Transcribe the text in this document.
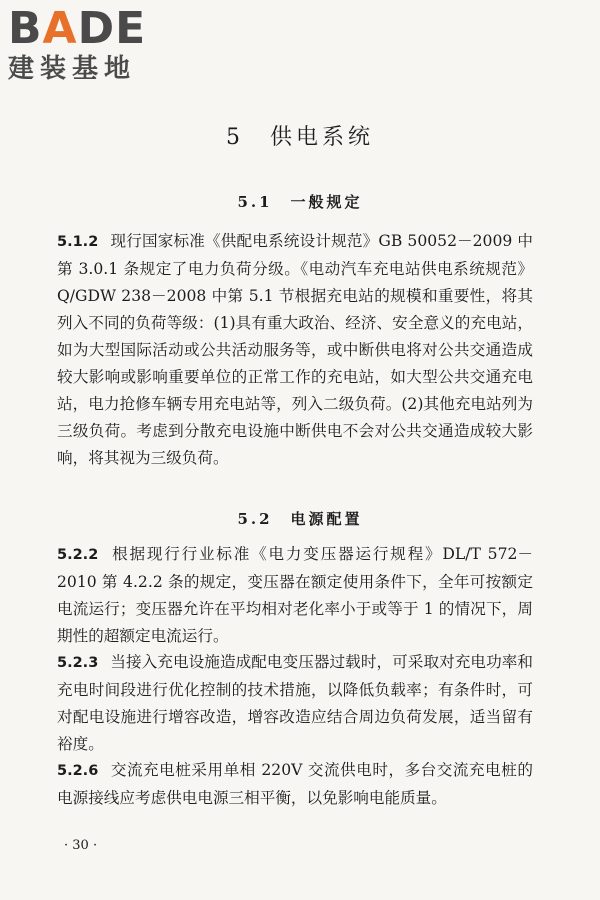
BADE
建装基地
5　供电系统
5.1　一般规定

5.1.2 现行国家标准《供配电系统设计规范》GB 50052－2009 中第 3.0.1 条规定了电力负荷分级。《电动汽车充电站供电系统规范》Q/GDW 238－2008 中第 5.1 节根据充电站的规模和重要性，将其列入不同的负荷等级：(1)具有重大政治、经济、安全意义的充电站，如为大型国际活动或公共活动服务等，或中断供电将对公共交通造成较大影响或影响重要单位的正常工作的充电站，如大型公共交通充电站，电力抢修车辆专用充电站等，列入二级负荷。(2)其他充电站列为三级负荷。考虑到分散充电设施中断供电不会对公共交通造成较大影响，将其视为三级负荷。

5.2　电源配置

5.2.2 根据现行行业标准《电力变压器运行规程》DL/T 572－2010 第 4.2.2 条的规定，变压器在额定使用条件下，全年可按额定电流运行；变压器允许在平均相对老化率小于或等于 1 的情况下，周期性的超额定电流运行。

5.2.3 当接入充电设施造成配电变压器过载时，可采取对充电功率和充电时间段进行优化控制的技术措施，以降低负载率；有条件时，可对配电设施进行增容改造，增容改造应结合周边负荷发展，适当留有裕度。

5.2.6 交流充电桩采用单相 220V 交流供电时，多台交流充电桩的电源接线应考虑供电电源三相平衡，以免影响电能质量。

· 30 ·
